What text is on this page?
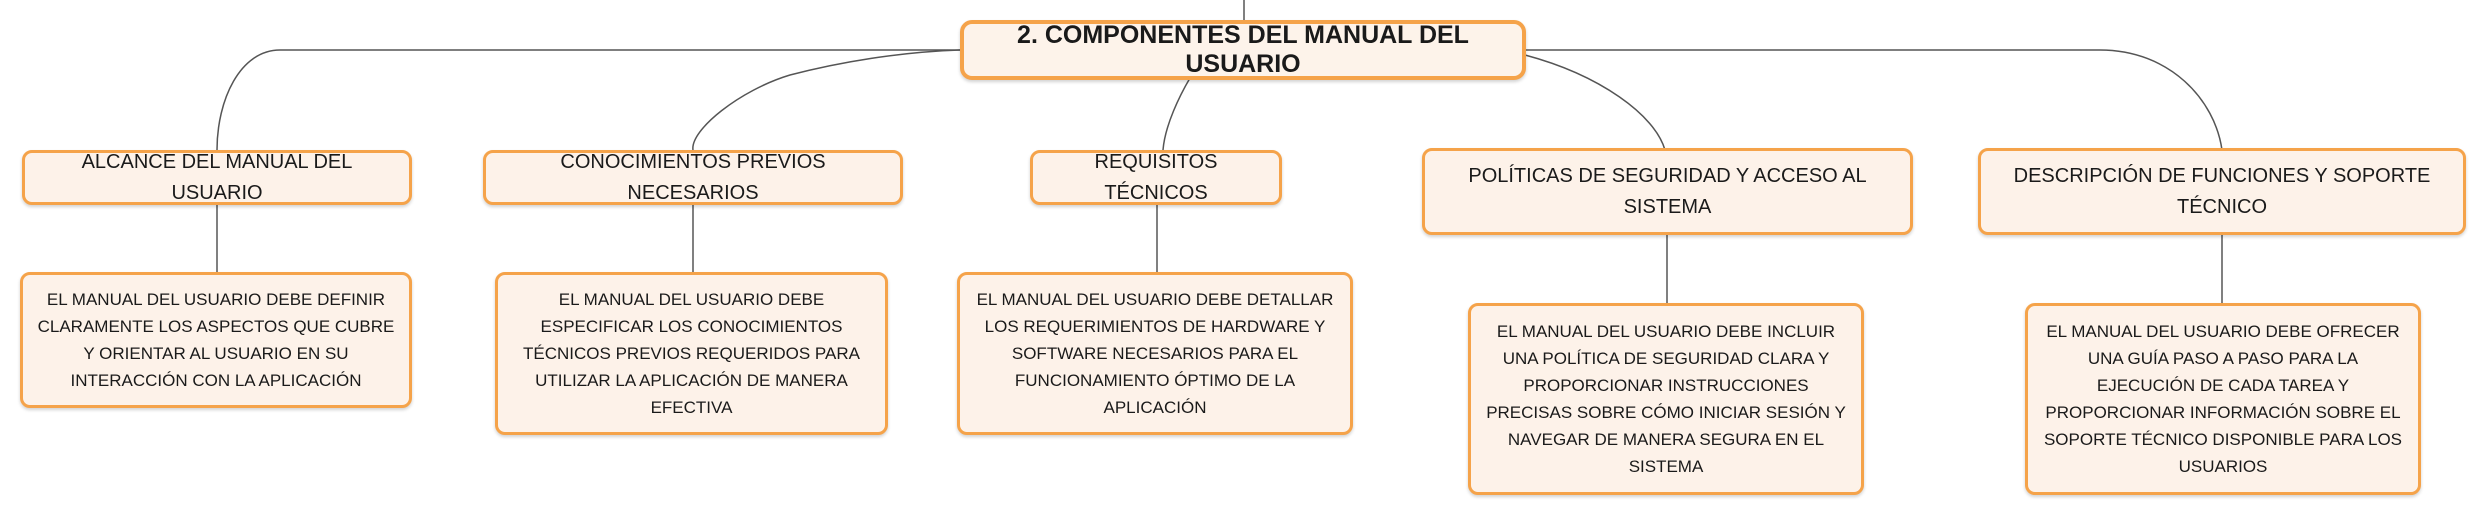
2. COMPONENTES DEL MANUAL DEL USUARIO
ALCANCE DEL MANUAL DEL USUARIO
CONOCIMIENTOS PREVIOS NECESARIOS
REQUISITOS TÉCNICOS
POLÍTICAS DE SEGURIDAD Y ACCESO AL SISTEMA
DESCRIPCIÓN DE FUNCIONES Y SOPORTE TÉCNICO
EL MANUAL DEL USUARIO DEBE DEFINIR CLARAMENTE LOS ASPECTOS QUE CUBRE Y ORIENTAR AL USUARIO EN SU INTERACCIÓN CON LA APLICACIÓN
EL MANUAL DEL USUARIO DEBE ESPECIFICAR LOS CONOCIMIENTOS TÉCNICOS PREVIOS REQUERIDOS PARA UTILIZAR LA APLICACIÓN DE MANERA EFECTIVA
EL MANUAL DEL USUARIO DEBE DETALLAR LOS REQUERIMIENTOS DE HARDWARE Y SOFTWARE NECESARIOS PARA EL FUNCIONAMIENTO ÓPTIMO DE LA APLICACIÓN
EL MANUAL DEL USUARIO DEBE INCLUIR UNA POLÍTICA DE SEGURIDAD CLARA Y PROPORCIONAR INSTRUCCIONES PRECISAS SOBRE CÓMO INICIAR SESIÓN Y NAVEGAR DE MANERA SEGURA EN EL SISTEMA
EL MANUAL DEL USUARIO DEBE OFRECER UNA GUÍA PASO A PASO PARA LA EJECUCIÓN DE CADA TAREA Y PROPORCIONAR INFORMACIÓN SOBRE EL SOPORTE TÉCNICO DISPONIBLE PARA LOS USUARIOS
